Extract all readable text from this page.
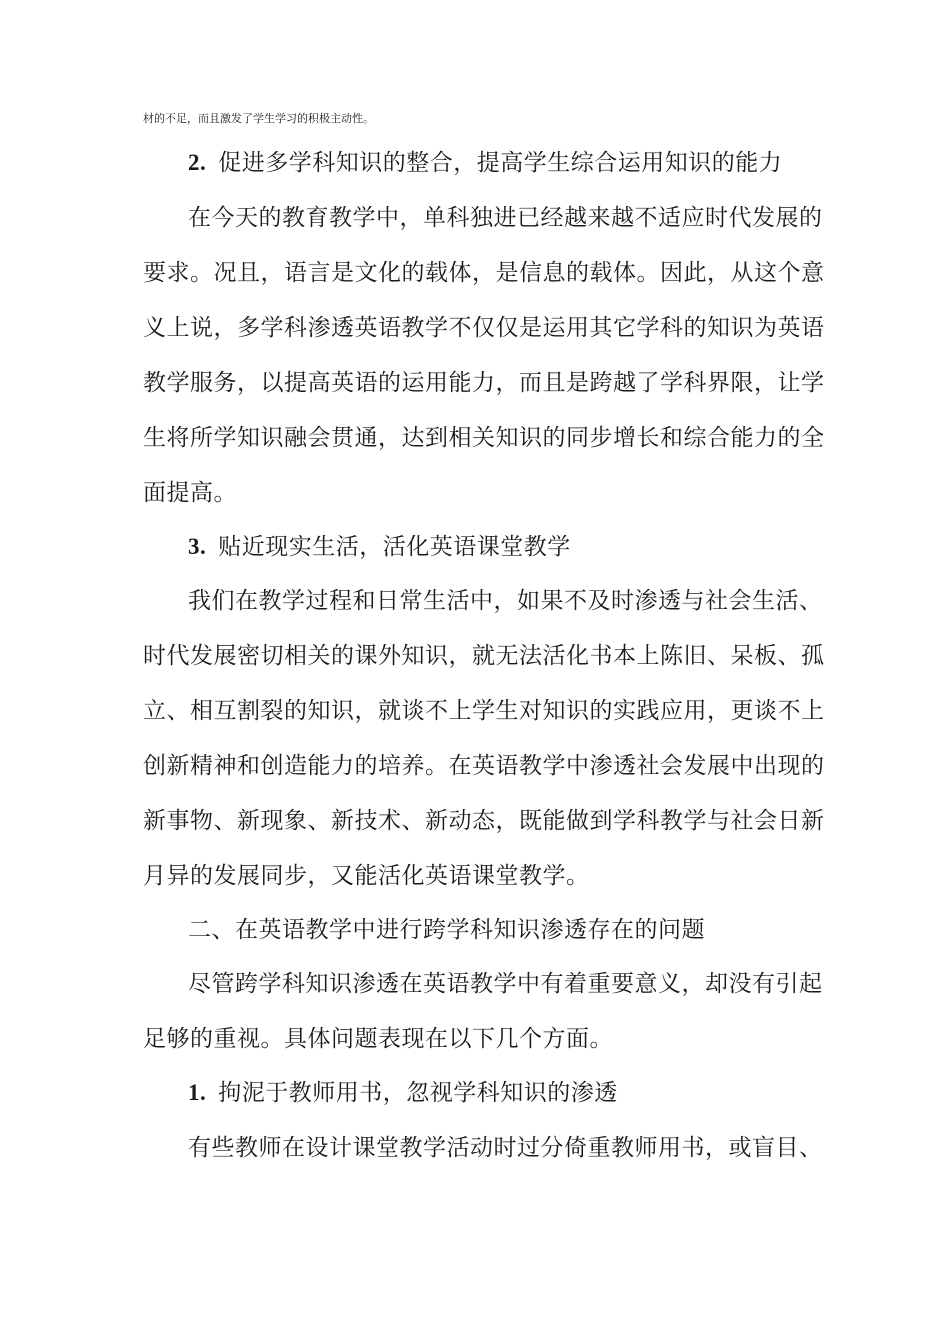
材的不足，而且激发了学生学习的积极主动性。
2. 促进多学科知识的整合，提高学生综合运用知识的能力
在今天的教育教学中，单科独进已经越来越不适应时代发展的
要求。况且，语言是文化的载体，是信息的载体。因此，从这个意
义上说，多学科渗透英语教学不仅仅是运用其它学科的知识为英语
教学服务，以提高英语的运用能力，而且是跨越了学科界限，让学
生将所学知识融会贯通，达到相关知识的同步增长和综合能力的全
面提高。
3. 贴近现实生活，活化英语课堂教学
我们在教学过程和日常生活中，如果不及时渗透与社会生活、
时代发展密切相关的课外知识，就无法活化书本上陈旧、呆板、孤
立、相互割裂的知识，就谈不上学生对知识的实践应用，更谈不上
创新精神和创造能力的培养。在英语教学中渗透社会发展中出现的
新事物、新现象、新技术、新动态，既能做到学科教学与社会日新
月异的发展同步，又能活化英语课堂教学。
二、在英语教学中进行跨学科知识渗透存在的问题
尽管跨学科知识渗透在英语教学中有着重要意义，却没有引起
足够的重视。具体问题表现在以下几个方面。
1. 拘泥于教师用书，忽视学科知识的渗透
有些教师在设计课堂教学活动时过分倚重教师用书，或盲目、
